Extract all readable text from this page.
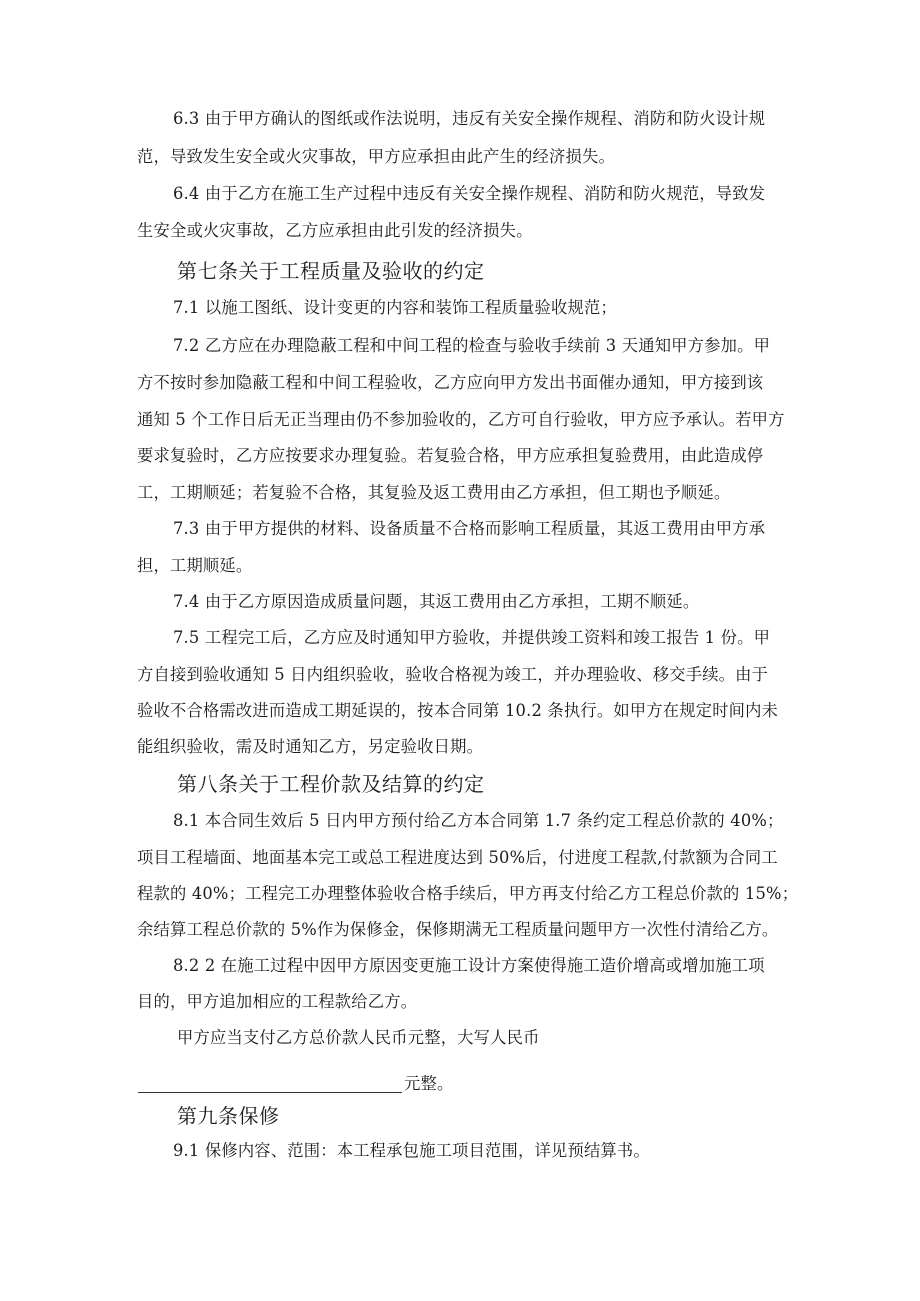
6.3 由于甲方确认的图纸或作法说明，违反有关安全操作规程、消防和防火设计规
范，导致发生安全或火灾事故，甲方应承担由此产生的经济损失。
6.4 由于乙方在施工生产过程中违反有关安全操作规程、消防和防火规范，导致发
生安全或火灾事故，乙方应承担由此引发的经济损失。
第七条关于工程质量及验收的约定
7.1 以施工图纸、设计变更的内容和装饰工程质量验收规范；
7.2 乙方应在办理隐蔽工程和中间工程的检查与验收手续前 3 天通知甲方参加。甲
方不按时参加隐蔽工程和中间工程验收，乙方应向甲方发出书面催办通知，甲方接到该
通知 5 个工作日后无正当理由仍不参加验收的，乙方可自行验收，甲方应予承认。若甲方
要求复验时，乙方应按要求办理复验。若复验合格，甲方应承担复验费用，由此造成停
工，工期顺延；若复验不合格，其复验及返工费用由乙方承担，但工期也予顺延。
7.3 由于甲方提供的材料、设备质量不合格而影响工程质量，其返工费用由甲方承
担，工期顺延。
7.4 由于乙方原因造成质量问题，其返工费用由乙方承担，工期不顺延。
7.5 工程完工后，乙方应及时通知甲方验收，并提供竣工资料和竣工报告 1 份。甲
方自接到验收通知 5 日内组织验收，验收合格视为竣工，并办理验收、移交手续。由于
验收不合格需改进而造成工期延误的，按本合同第 10.2 条执行。如甲方在规定时间内未
能组织验收，需及时通知乙方，另定验收日期。
第八条关于工程价款及结算的约定
8.1 本合同生效后 5 日内甲方预付给乙方本合同第 1.7 条约定工程总价款的 40%；
项目工程墙面、地面基本完工或总工程进度达到 50%后，付进度工程款,付款额为合同工
程款的 40%；工程完工办理整体验收合格手续后，甲方再支付给乙方工程总价款的 15%；
余结算工程总价款的 5%作为保修金，保修期满无工程质量问题甲方一次性付清给乙方。
8.2 2 在施工过程中因甲方原因变更施工设计方案使得施工造价增高或增加施工项
目的，甲方追加相应的工程款给乙方。
甲方应当支付乙方总价款人民币元整，大写人民币
元整。
第九条保修
9.1 保修内容、范围：本工程承包施工项目范围，详见预结算书。
